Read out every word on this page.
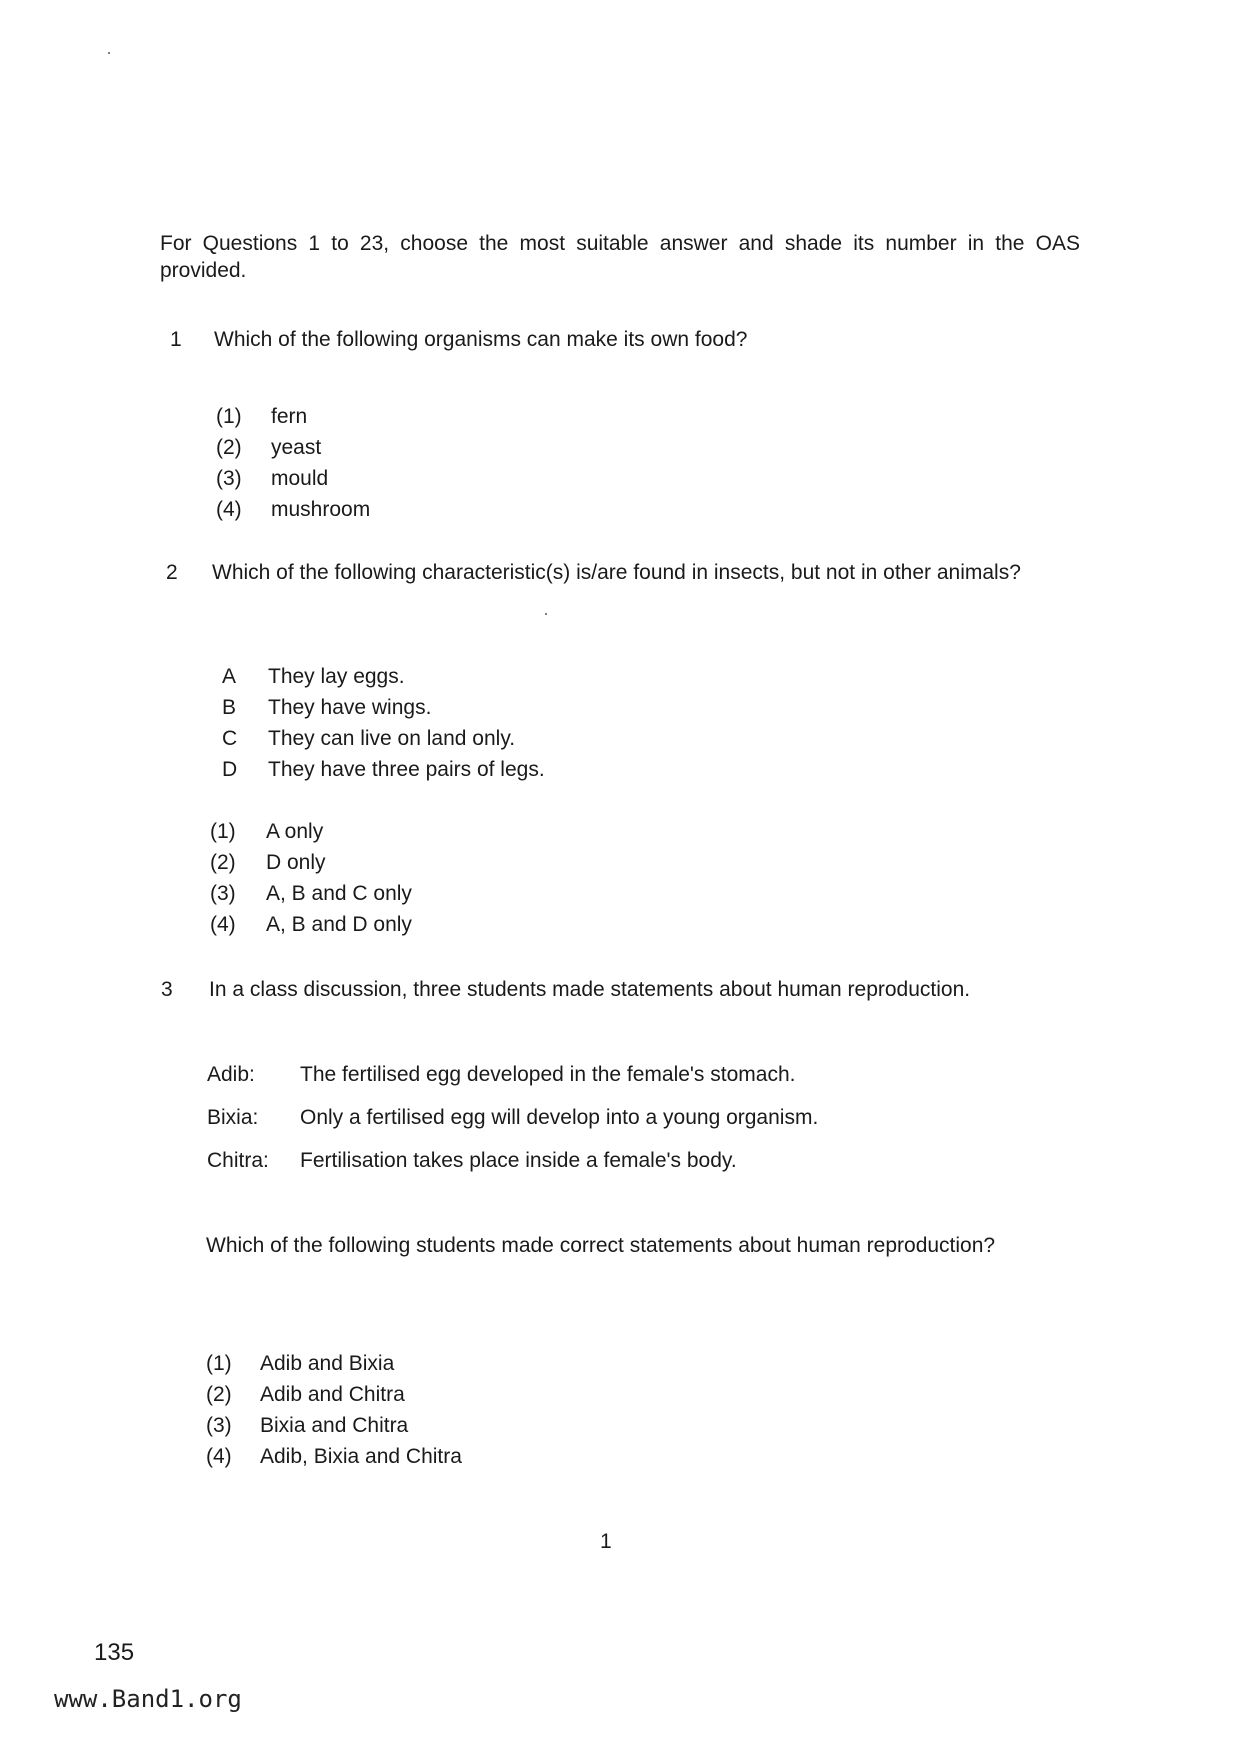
For Questions 1 to 23, choose the most suitable answer and shade its number in the OAS provided.
1	Which of the following organisms can make its own food?
(1) fern
(2) yeast
(3) mould
(4) mushroom
2	Which of the following characteristic(s) is/are found in insects, but not in other animals?
A They lay eggs.
B They have wings.
C They can live on land only.
D They have three pairs of legs.
(1) A only
(2) D only
(3) A, B and C only
(4) A, B and D only
3	In a class discussion, three students made statements about human reproduction.
Adib: The fertilised egg developed in the female's stomach.
Bixia: Only a fertilised egg will develop into a young organism.
Chitra: Fertilisation takes place inside a female's body.
Which of the following students made correct statements about human reproduction?
(1) Adib and Bixia
(2) Adib and Chitra
(3) Bixia and Chitra
(4) Adib, Bixia and Chitra
1
135
www.Band1.org
